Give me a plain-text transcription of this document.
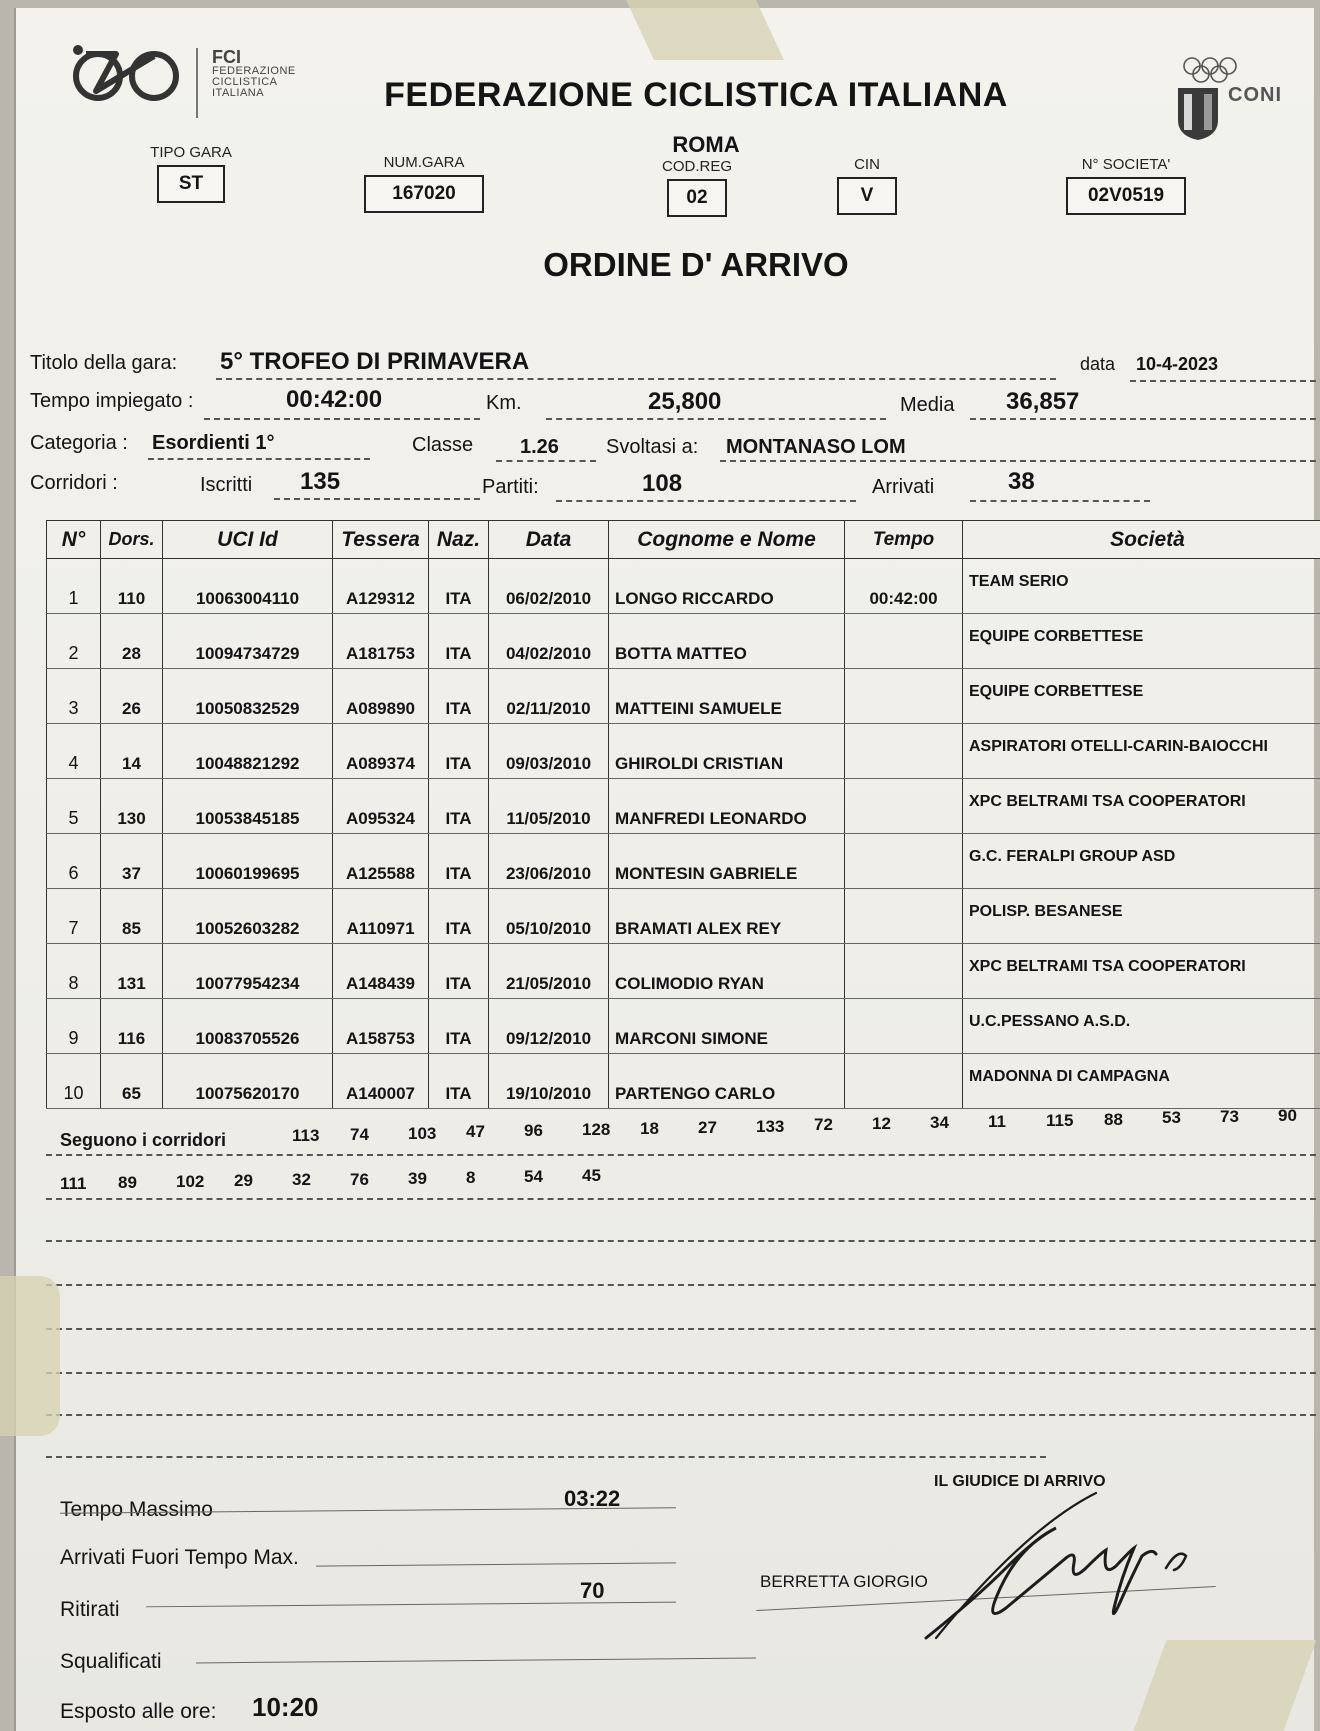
FCI
FEDERAZIONE
CICLISTICA
ITALIANA	FEDERAZIONE CICLISTICA ITALIANA
ROMA
CONI
TIPO GARA
ST
NUM.GARA
167020
COD.REG
02
CIN
V
N° SOCIETA'
02V0519
ORDINE D' ARRIVO
Titolo della gara: 5° TROFEO DI PRIMAVERA	data 10-4-2023
Tempo impiegato :	00:42:00	Km.	25,800	Media 36,857
Categoria : Esordienti 1°	Classe 1.26 Svoltasi a: MONTANASO LOM
Corridori :	Iscritti 135	Partiti:	108	Arrivati	38
N°	Dors.	UCI Id	Tessera	Naz.	Data	Cognome e Nome	Tempo	Società
1	110	10063004110	A129312	ITA	06/02/2010	LONGO RICCARDO	00:42:00	TEAM SERIO
2	28	10094734729	A181753	ITA	04/02/2010	BOTTA MATTEO		EQUIPE CORBETTESE
3	26	10050832529	A089890	ITA	02/11/2010	MATTEINI SAMUELE		EQUIPE CORBETTESE
4	14	10048821292	A089374	ITA	09/03/2010	GHIROLDI CRISTIAN		ASPIRATORI OTELLI-CARIN-BAIOCCHI
5	130	10053845185	A095324	ITA	11/05/2010	MANFREDI LEONARDO		XPC BELTRAMI TSA COOPERATORI
6	37	10060199695	A125588	ITA	23/06/2010	MONTESIN GABRIELE		G.C. FERALPI GROUP ASD
7	85	10052603282	A110971	ITA	05/10/2010	BRAMATI ALEX REY		POLISP. BESANESE
8	131	10077954234	A148439	ITA	21/05/2010	COLIMODIO RYAN		XPC BELTRAMI TSA COOPERATORI
9	116	10083705526	A158753	ITA	09/12/2010	MARCONI SIMONE		U.C.PESSANO A.S.D.
10	65	10075620170	A140007	ITA	19/10/2010	PARTENGO CARLO		MADONNA DI CAMPAGNA
Seguono i corridori	113 74 103 47 96 128 18 27 133 72 12 34 11 115 88 53 73 90
111 89 102 29 32 76 39 8	54 45
Tempo Massimo	03:22
Arrivati Fuori Tempo Max.
Ritirati
70
Squalificati
Esposto alle ore: 10:20
IL GIUDICE DI ARRIVO
BERRETTA GIORGIO
